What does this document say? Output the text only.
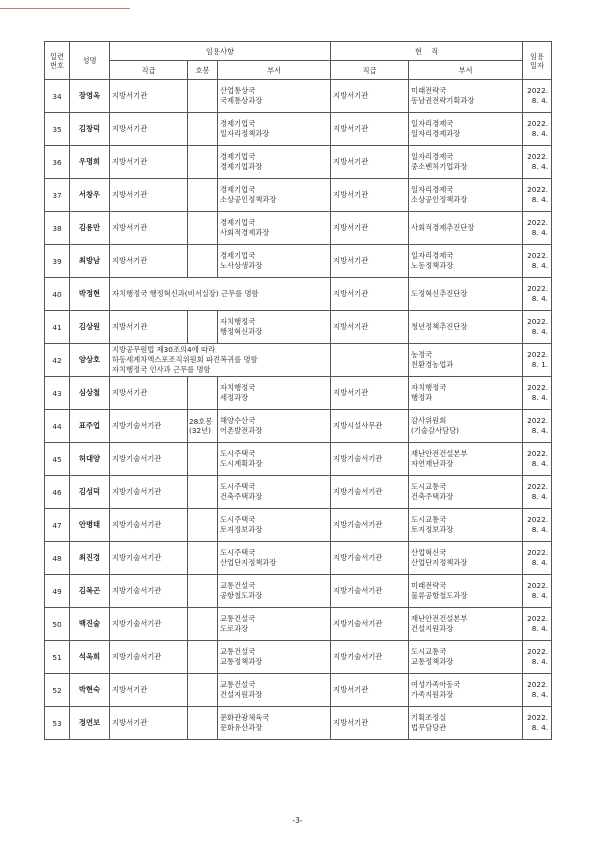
일련
번호	성명	임용사항			현    직		임용
일자

		직급	호봉	부서	직급	부서	

34	장영옥	지방서기관		산업통상국
국제통상과장	지방서기관	미래전략국
동남권전략기획과장	2022.
8. 4.

35	김창덕	지방서기관		경제기업국
일자리정책과장	지방서기관	일자리경제국
일자리경제과장	2022.
8. 4.

36	우명희	지방서기관		경제기업국
경제기업과장	지방서기관	일자리경제국
중소벤처기업과장	2022.
8. 4.

37	서창우	지방서기관		경제기업국
소상공인정책과장	지방서기관	일자리경제국
소상공인정책과장	2022.
8. 4.

38	김용만	지방서기관		경제기업국
사회적경제과장	지방서기관	사회적경제추진단장	2022.
8. 4.

39	최방남	지방서기관		경제기업국
노사상생과장	지방서기관	일자리경제국
노동정책과장	2022.
8. 4.

40	박정현	자치행정국 행정혁신과(비서실장) 근무를 명함			지방서기관	도정혁신추진단장	2022.
8. 4.

41	김상원	지방서기관		자치행정국
행정혁신과장	지방서기관	청년정책추진단장	2022.
8. 4.

42	양상호	지방공무원법 제30조의4에 따라
하동세계차엑스포조직위원회 파견복귀를 명함
자치행정국 인사과 근무를 명함				농정국
친환경농업과	2022.
8. 1.

43	심상철	지방서기관		자치행정국
세정과장	지방서기관	자치행정국
행정과	2022.
8. 4.

44	표주업	지방기술서기관	28호봉
(32년)	해양수산국
어촌발전과장	지방시설사무관	감사위원회
(기술감사담당)	2022.
8. 4.

45	허대양	지방기술서기관		도시주택국
도시계획과장	지방기술서기관	재난안전건설본부
자연재난과장	2022.
8. 4.

46	김성덕	지방기술서기관		도시주택국
건축주택과장	지방기술서기관	도시교통국
건축주택과장	2022.
8. 4.

47	안병태	지방기술서기관		도시주택국
토지정보과장	지방기술서기관	도시교통국
토지정보과장	2022.
8. 4.

48	최진경	지방기술서기관		도시주택국
산업단지정책과장	지방기술서기관	산업혁신국
산업단지정책과장	2022.
8. 4.

49	김복곤	지방기술서기관		교통건설국
공항철도과장	지방기술서기관	미래전략국
물류공항철도과장	2022.
8. 4.

50	백진술	지방기술서기관		교통건설국
도로과장	지방기술서기관	재난안전건설본부
건설지원과장	2022.
8. 4.

51	석옥희	지방기술서기관		교통건설국
교통정책과장	지방기술서기관	도시교통국
교통정책과장	2022.
8. 4.

52	박현숙	지방서기관		교통건설국
건설지원과장	지방서기관	여성가족아동국
가족지원과장	2022.
8. 4.

53	정연보	지방서기관		문화관광체육국
문화유산과장	지방서기관	기획조정실
법무담당관	2022.
8. 4.
-3-
